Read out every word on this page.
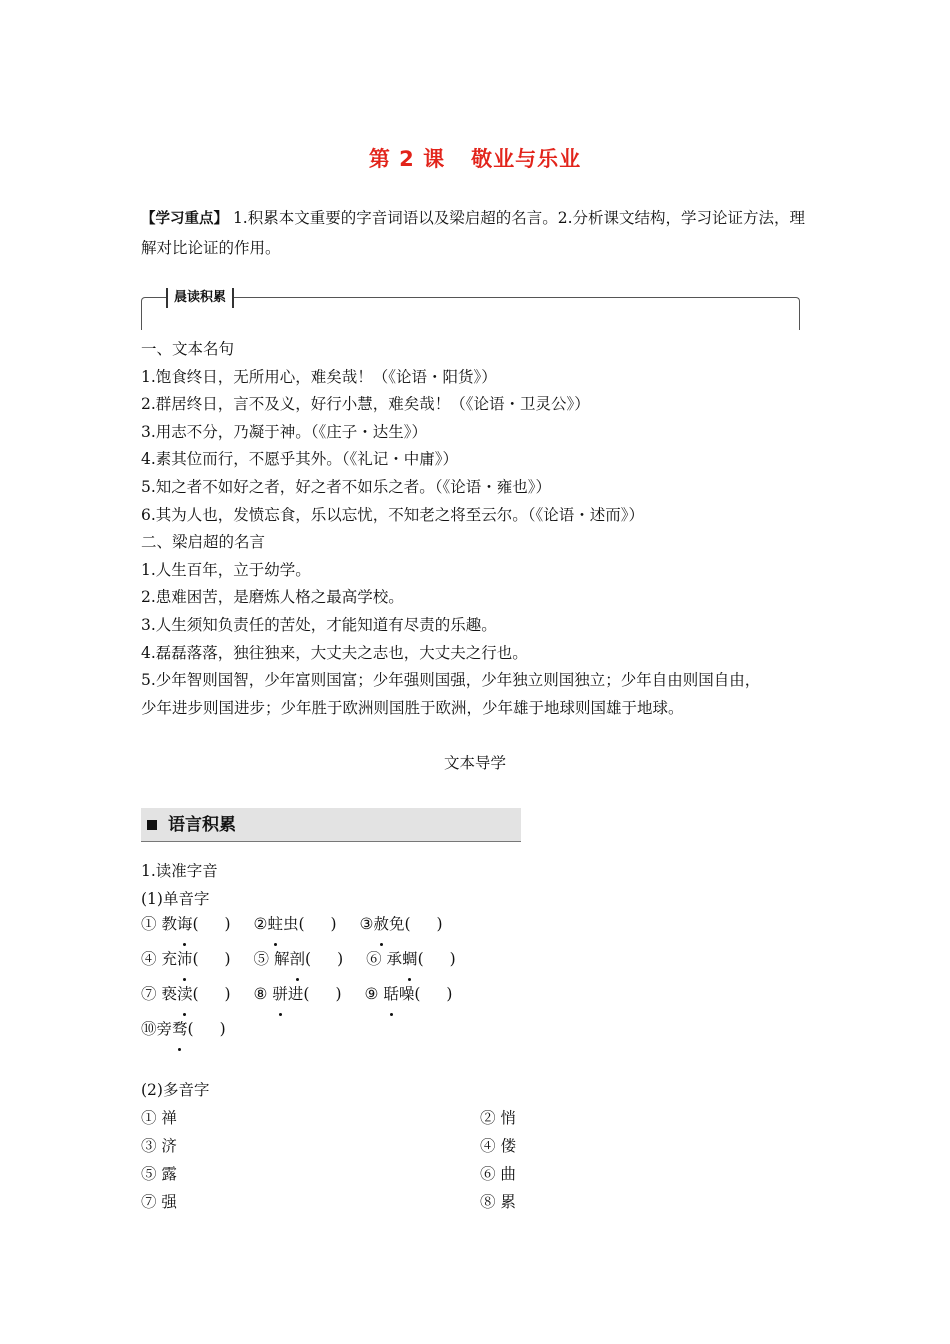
第 2 课 敬业与乐业
【学习重点】 1.积累本文重要的字音词语以及梁启超的名言。2.分析课文结构，学习论证方法，理解对比论证的作用。
晨读积累
一、文本名句
1.饱食终日，无所用心，难矣哉！（《论语・阳货》）
2.群居终日，言不及义，好行小慧，难矣哉！（《论语・卫灵公》）
3.用志不分，乃凝于神。（《庄子・达生》）
4.素其位而行，不愿乎其外。（《礼记・中庸》）
5.知之者不如好之者，好之者不如乐之者。（《论语・雍也》）
6.其为人也，发愤忘食，乐以忘忧，不知老之将至云尔。（《论语・述而》）
二、梁启超的名言
1.人生百年，立于幼学。
2.患难困苦，是磨炼人格之最高学校。
3.人生须知负责任的苦处，才能知道有尽责的乐趣。
4.磊磊落落，独往独来，大丈夫之志也，大丈夫之行也。
5.少年智则国智，少年富则国富；少年强则国强，少年独立则国独立；少年自由则国自由，
少年进步则国进步；少年胜于欧洲则国胜于欧洲，少年雄于地球则国雄于地球。
文本导学
语言积累
1.读准字音
(1)单音字
① 教诲( ) ②蛀虫( ) ③赦免( )
④ 充沛( ) ⑤ 解剖( ) ⑥ 承蜩( )
⑦ 亵渎( ) ⑧ 骈进( ) ⑨ 聒噪( )
⑩旁骛( )
(2)多音字
① 禅	② 悄
③ 济	④ 偻
⑤ 露	⑥ 曲
⑦ 强	⑧ 累
